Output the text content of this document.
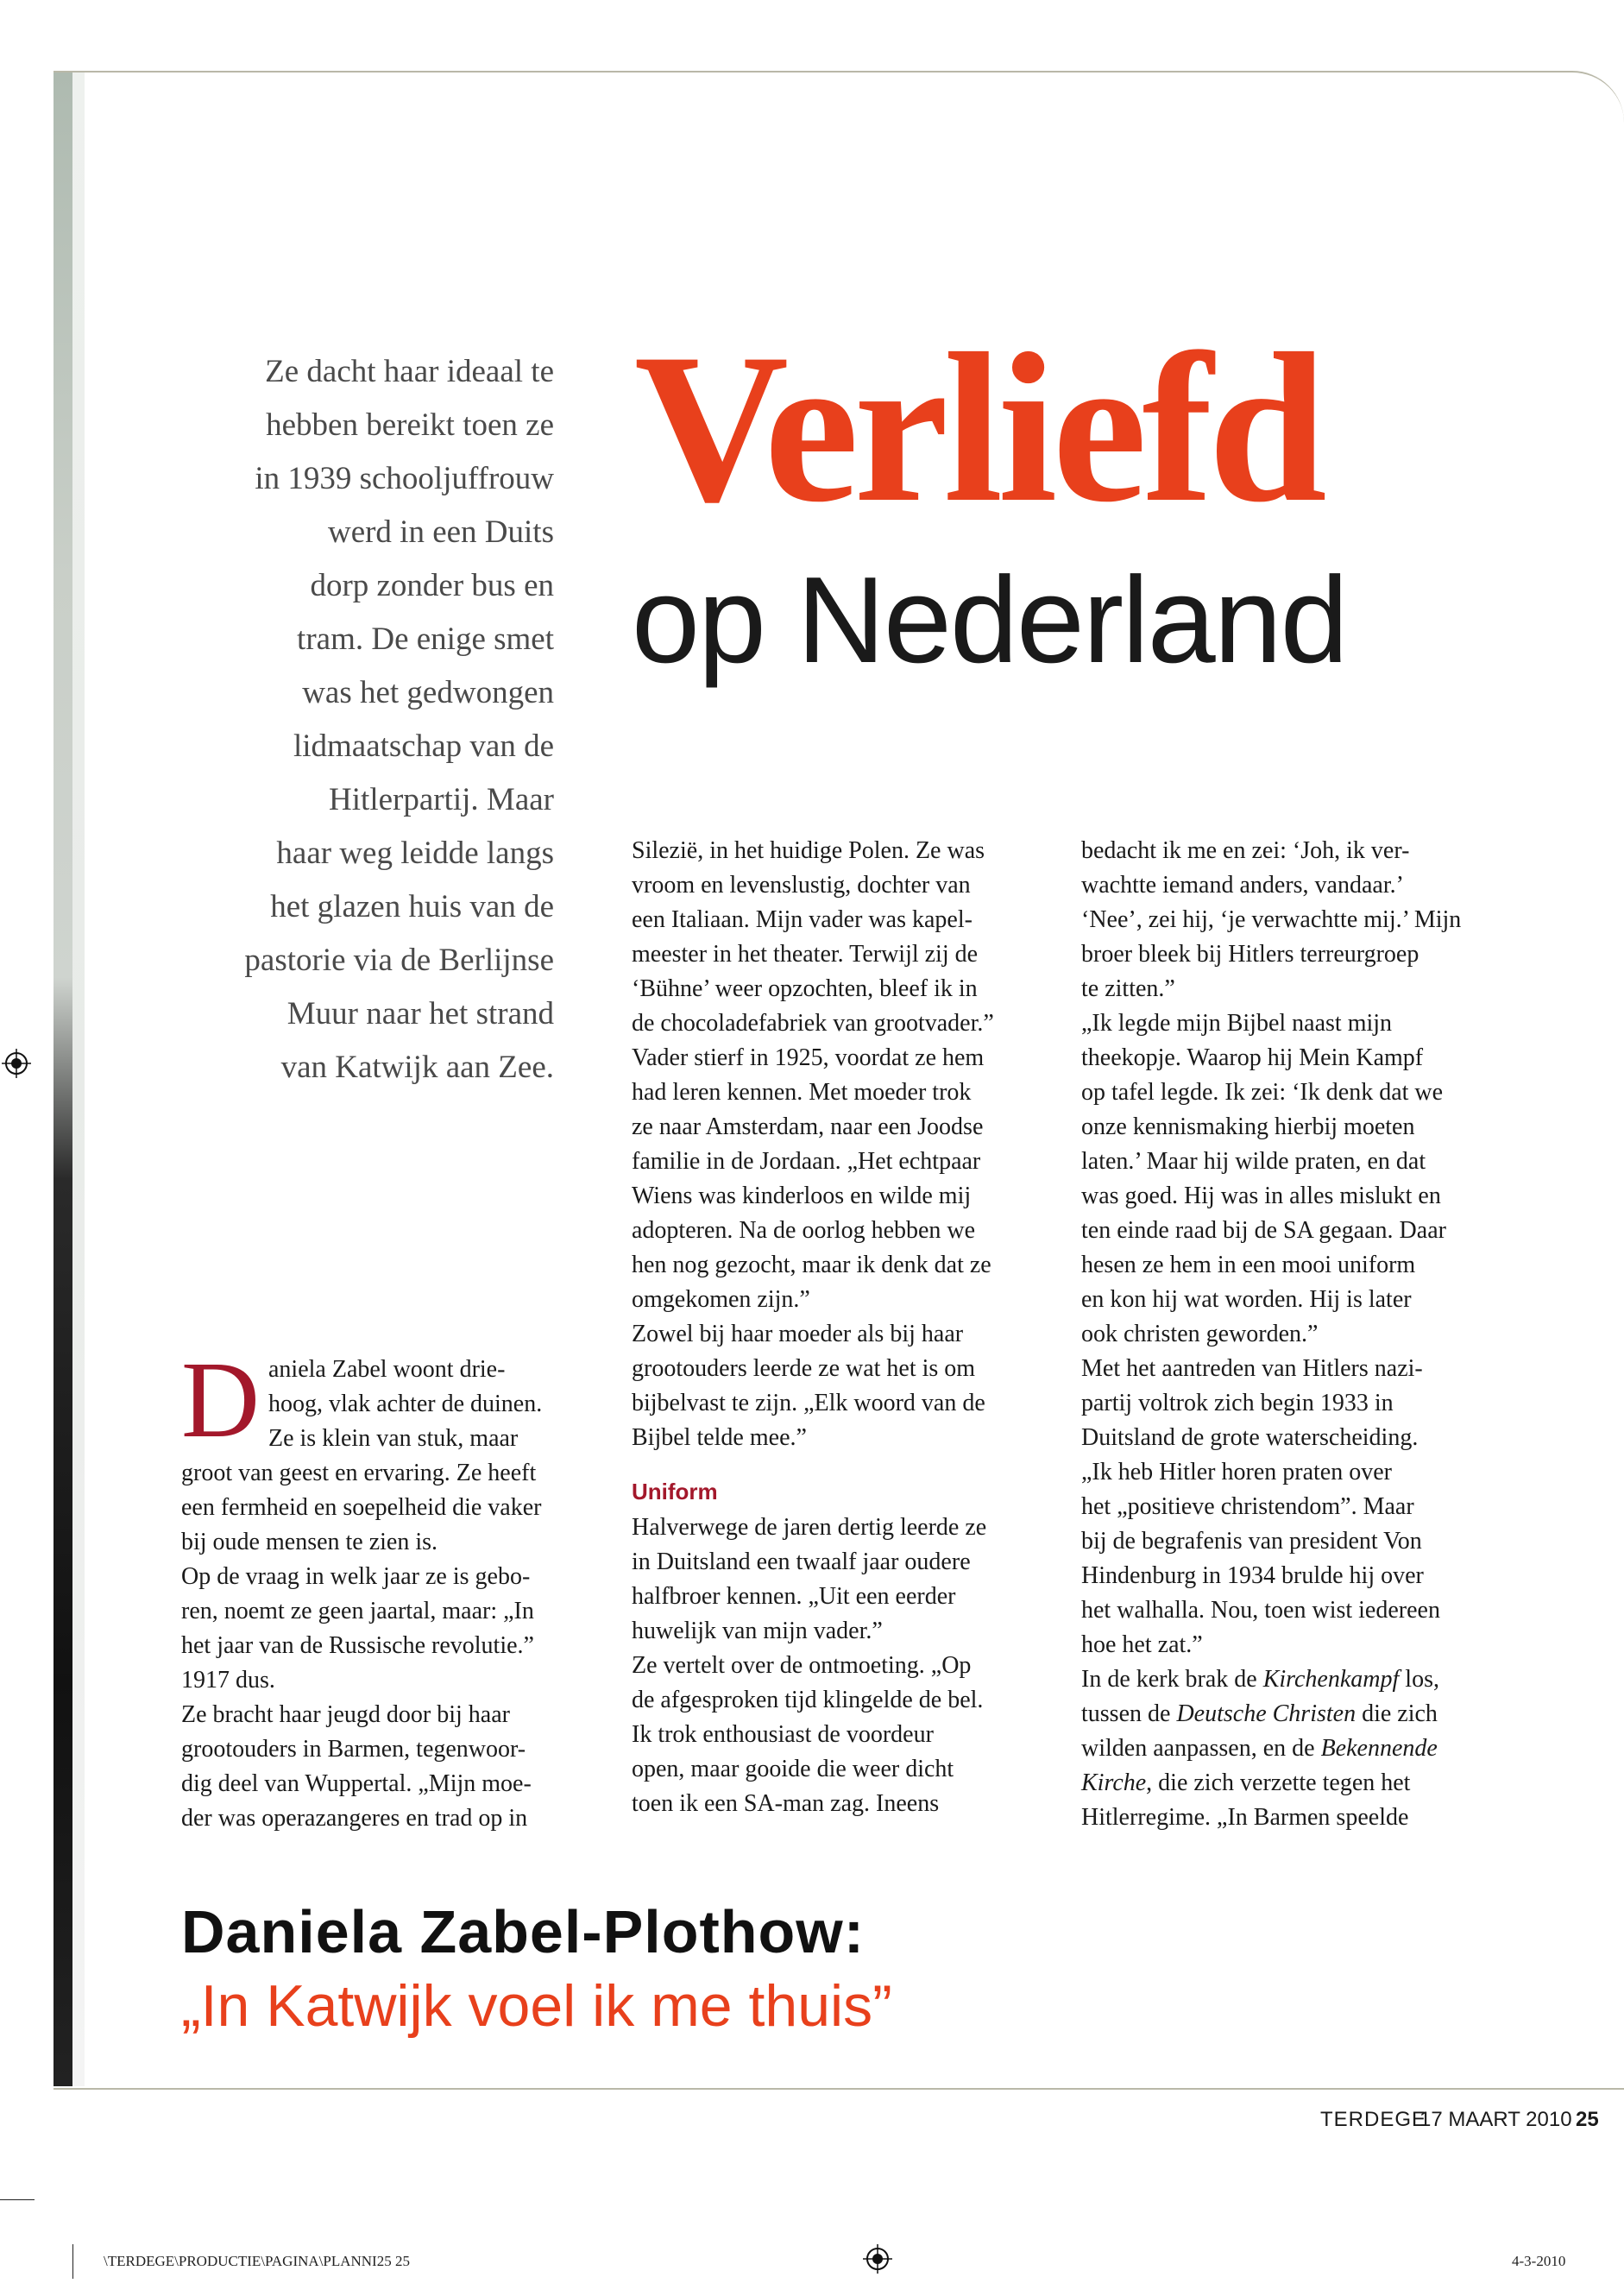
Ze dacht haar ideaal te
hebben bereikt toen ze
in 1939 schooljuffrouw
werd in een Duits
dorp zonder bus en
tram. De enige smet
was het gedwongen
lidmaatschap van de
Hitlerpartij. Maar
haar weg leidde langs
het glazen huis van de
pastorie via de Berlijnse
Muur naar het strand
van Katwijk aan Zee.
Verliefd
op Nederland
D aniela Zabel woont drie-
hoog, vlak achter de duinen.
Ze is klein van stuk, maar
groot van geest en ervaring. Ze heeft
een fermheid en soepelheid die vaker
bij oude mensen te zien is.
Op de vraag in welk jaar ze is gebo-
ren, noemt ze geen jaartal, maar: „In
het jaar van de Russische revolutie.”
1917 dus.
Ze bracht haar jeugd door bij haar
grootouders in Barmen, tegenwoor-
dig deel van Wuppertal. „Mijn moe-
der was operazangeres en trad op in
Silezië, in het huidige Polen. Ze was
vroom en levenslustig, dochter van
een Italiaan. Mijn vader was kapel-
meester in het theater. Terwijl zij de
‘Bühne’ weer opzochten, bleef ik in
de chocoladefabriek van grootvader.”
Vader stierf in 1925, voordat ze hem
had leren kennen. Met moeder trok
ze naar Amsterdam, naar een Joodse
familie in de Jordaan. „Het echtpaar
Wiens was kinderloos en wilde mij
adopteren. Na de oorlog hebben we
hen nog gezocht, maar ik denk dat ze
omgekomen zijn.”
Zowel bij haar moeder als bij haar
grootouders leerde ze wat het is om
bijbelvast te zijn. „Elk woord van de
Bijbel telde mee.”

Uniform

Halverwege de jaren dertig leerde ze
in Duitsland een twaalf jaar oudere
halfbroer kennen. „Uit een eerder
huwelijk van mijn vader.”
Ze vertelt over de ontmoeting. „Op
de afgesproken tijd klingelde de bel.
Ik trok enthousiast de voordeur
open, maar gooide die weer dicht
toen ik een SA-man zag. Ineens
bedacht ik me en zei: ‘Joh, ik ver-
wachtte iemand anders, vandaar.’
‘Nee’, zei hij, ‘je verwachtte mij.’ Mijn
broer bleek bij Hitlers terreurgroep
te zitten.”
„Ik legde mijn Bijbel naast mijn
theekopje. Waarop hij Mein Kampf
op tafel legde. Ik zei: ‘Ik denk dat we
onze kennismaking hierbij moeten
laten.’ Maar hij wilde praten, en dat
was goed. Hij was in alles mislukt en
ten einde raad bij de SA gegaan. Daar
hesen ze hem in een mooi uniform
en kon hij wat worden. Hij is later
ook christen geworden.”
Met het aantreden van Hitlers nazi-
partij voltrok zich begin 1933 in
Duitsland de grote waterscheiding.
„Ik heb Hitler horen praten over
het „positieve christendom”. Maar
bij de begrafenis van president Von
Hindenburg in 1934 brulde hij over
het walhalla. Nou, toen wist iedereen
hoe het zat.”
In de kerk brak de Kirchenkampf los,
tussen de Deutsche Christen die zich
wilden aanpassen, en de Bekennende
Kirche, die zich verzette tegen het
Hitlerregime. „In Barmen speelde
Daniela Zabel-Plothow:
„In Katwijk voel ik me thuis”
TERDEGE
17 MAART 2010 25
\TERDEGE\PRODUCTIE\PAGINA\PLANNI25 25	4-3-2010
